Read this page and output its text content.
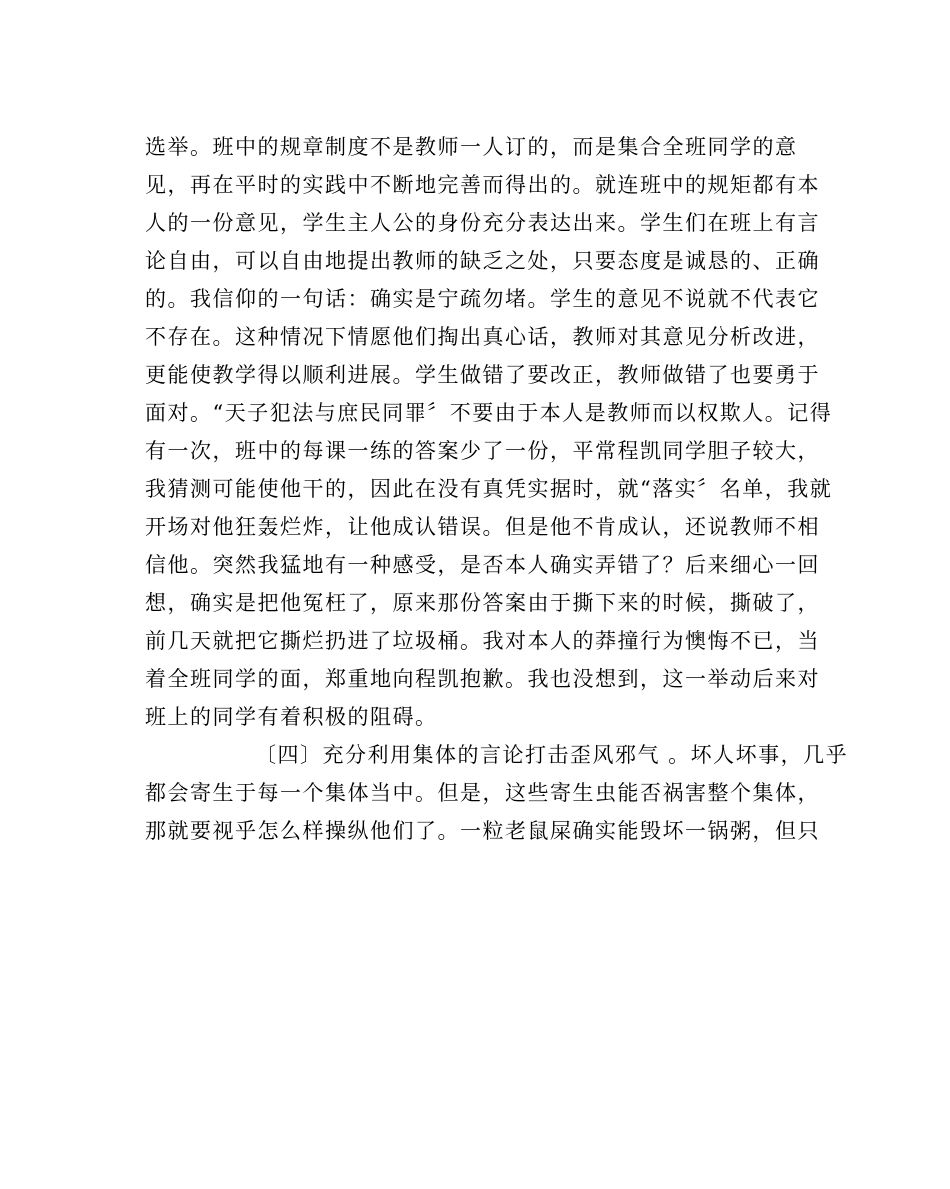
选举。班中的规章制度不是教师一人订的，而是集合全班同学的意

见，再在平时的实践中不断地完善而得出的。就连班中的规矩都有本

人的一份意见，学生主人公的身份充分表达出来。学生们在班上有言

论自由，可以自由地提出教师的缺乏之处，只要态度是诚恳的、正确

的。我信仰的一句话：确实是宁疏勿堵。学生的意见不说就不代表它

不存在。这种情况下情愿他们掏出真心话，教师对其意见分析改进，

更能使教学得以顺利进展。学生做错了要改正，教师做错了也要勇于

面对。“天子犯法与庶民同罪〞不要由于本人是教师而以权欺人。记得

有一次，班中的每课一练的答案少了一份，平常程凯同学胆子较大，

我猜测可能使他干的，因此在没有真凭实据时，就“落实〞名单，我就

开场对他狂轰烂炸，让他成认错误。但是他不肯成认，还说教师不相

信他。突然我猛地有一种感受，是否本人确实弄错了？后来细心一回

想，确实是把他冤枉了，原来那份答案由于撕下来的时候，撕破了，

前几天就把它撕烂扔进了垃圾桶。我对本人的莽撞行为懊悔不已，当

着全班同学的面，郑重地向程凯抱歉。我也没想到，这一举动后来对

班上的同学有着积极的阻碍。

〔四〕充分利用集体的言论打击歪风邪气 。坏人坏事，几乎

都会寄生于每一个集体当中。但是，这些寄生虫能否祸害整个集体，

那就要视乎怎么样操纵他们了。一粒老鼠屎确实能毁坏一锅粥，但只
